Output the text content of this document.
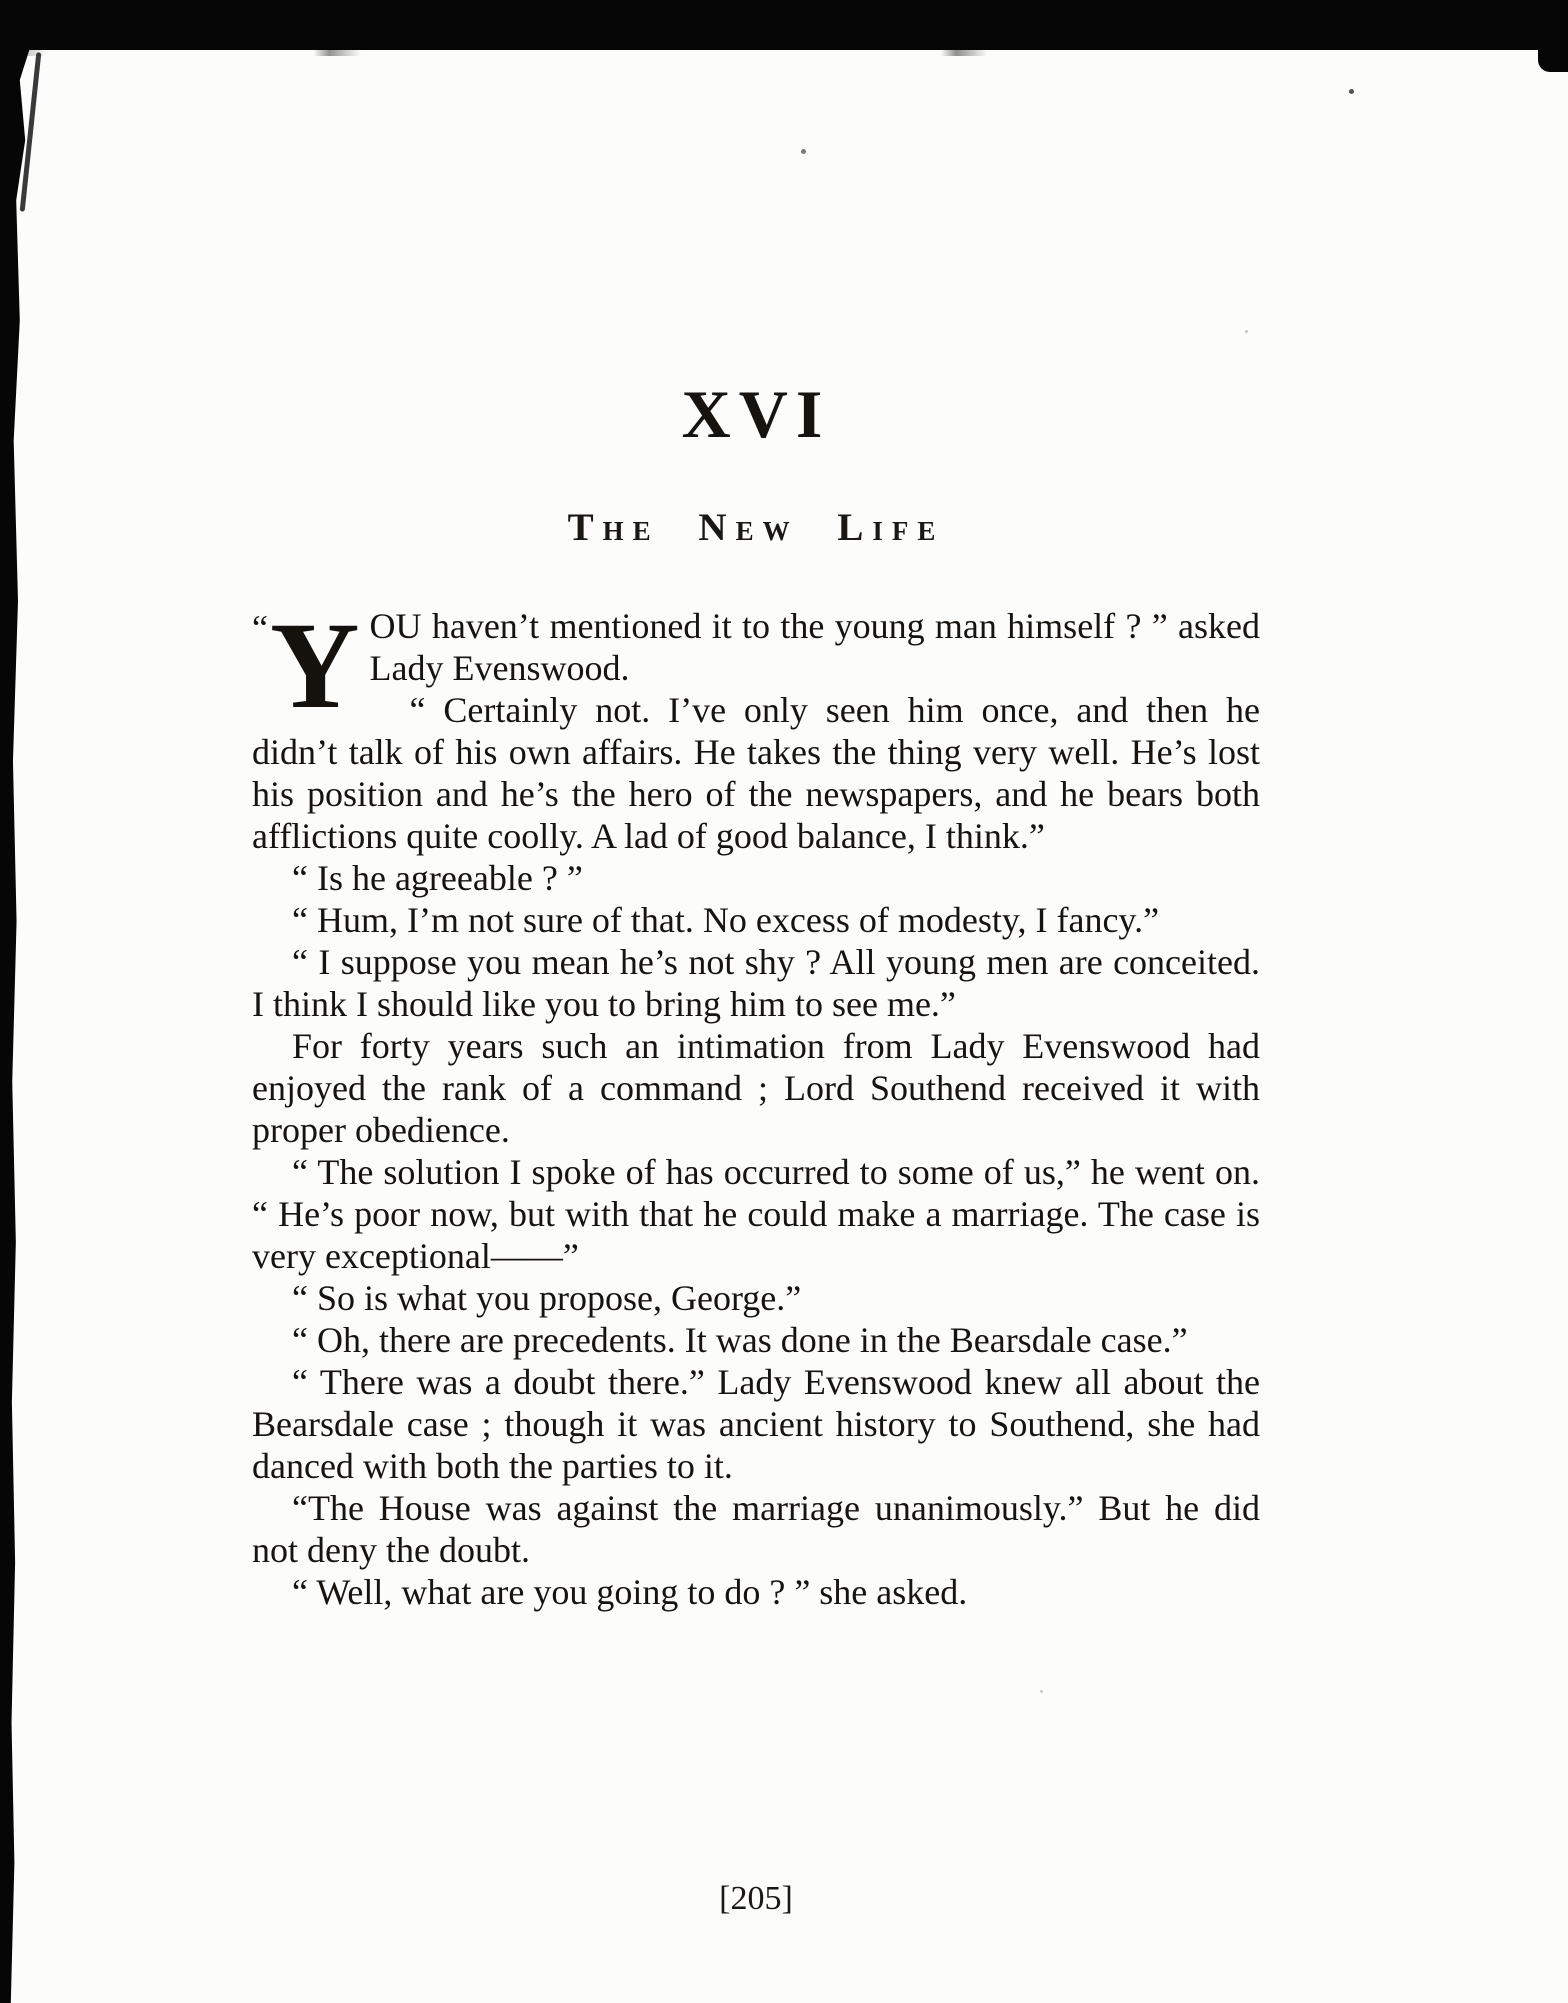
XVI
The New Life
“ Y OU haven’t mentioned it to the young man himself ? ” asked Lady Evenswood.

“ Certainly not. I’ve only seen him once, and then he didn’t talk of his own affairs. He takes the thing very well. He’s lost his position and he’s the hero of the newspapers, and he bears both afflictions quite coolly. A lad of good balance, I think.”

“ Is he agreeable ? ”

“ Hum, I’m not sure of that. No excess of modesty, I fancy.”

“ I suppose you mean he’s not shy ? All young men are conceited. I think I should like you to bring him to see me.”

For forty years such an intimation from Lady Evenswood had enjoyed the rank of a command ; Lord Southend received it with proper obedience.

“ The solution I spoke of has occurred to some of us,” he went on. “ He’s poor now, but with that he could make a marriage. The case is very exceptional——”

“ So is what you propose, George.”

“ Oh, there are precedents. It was done in the Bearsdale case.”

“ There was a doubt there.” Lady Evenswood knew all about the Bearsdale case ; though it was ancient history to Southend, she had danced with both the parties to it.

“The House was against the marriage unanimously.” But he did not deny the doubt.

“ Well, what are you going to do ? ” she asked.

[205]
